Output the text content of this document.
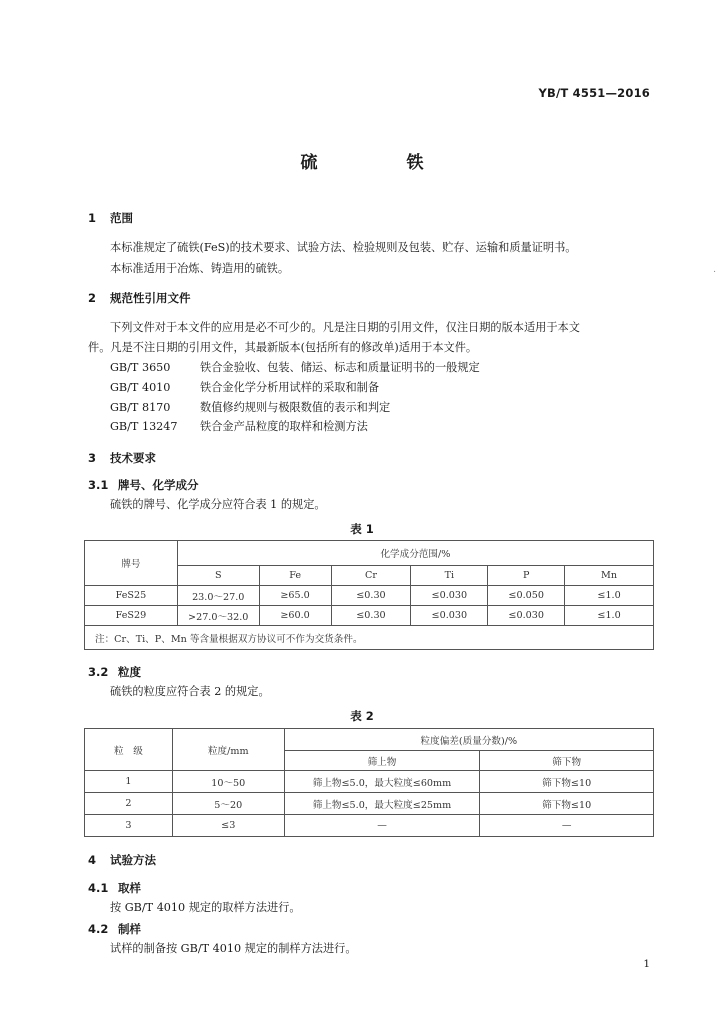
YB/T 4551—2016
硫　铁
1 范围
本标准规定了硫铁(FeS)的技术要求、试验方法、检验规则及包装、贮存、运输和质量证明书。
本标准适用于冶炼、铸造用的硫铁。
2 规范性引用文件
下列文件对于本文件的应用是必不可少的。凡是注日期的引用文件，仅注日期的版本适用于本文
件。凡是不注日期的引用文件，其最新版本(包括所有的修改单)适用于本文件。
GB/T 3650	铁合金验收、包装、储运、标志和质量证明书的一般规定
GB/T 4010	铁合金化学分析用试样的采取和制备
GB/T 8170	数值修约规则与极限数值的表示和判定
GB/T 13247 铁合金产品粒度的取样和检测方法
3 技术要求
3.1 牌号、化学成分
硫铁的牌号、化学成分应符合表 1 的规定。
表 1
牌号	化学成分范围/%					
	S	Fe	Cr	Ti	P	Mn
FeS25	23.0～27.0	≥65.0	≤0.30	≤0.030	≤0.050	≤1.0
FeS29	>27.0～32.0	≥60.0	≤0.30	≤0.030	≤0.030	≤1.0
注：Cr、Ti、P、Mn 等含量根据双方协议可不作为交货条件。						
3.2 粒度
硫铁的粒度应符合表 2 的规定。
表 2
粒　级	粒度/mm	粒度偏差(质量分数)/%	
		筛上物	筛下物
1	10～50	筛上物≤5.0，最大粒度≤60mm	筛下物≤10
2	5～20	筛上物≤5.0，最大粒度≤25mm	筛下物≤10
3	≤3	—	—
4 试验方法
4.1 取样
按 GB/T 4010 规定的取样方法进行。
4.2 制样
试样的制备按 GB/T 4010 规定的制样方法进行。
1
.
